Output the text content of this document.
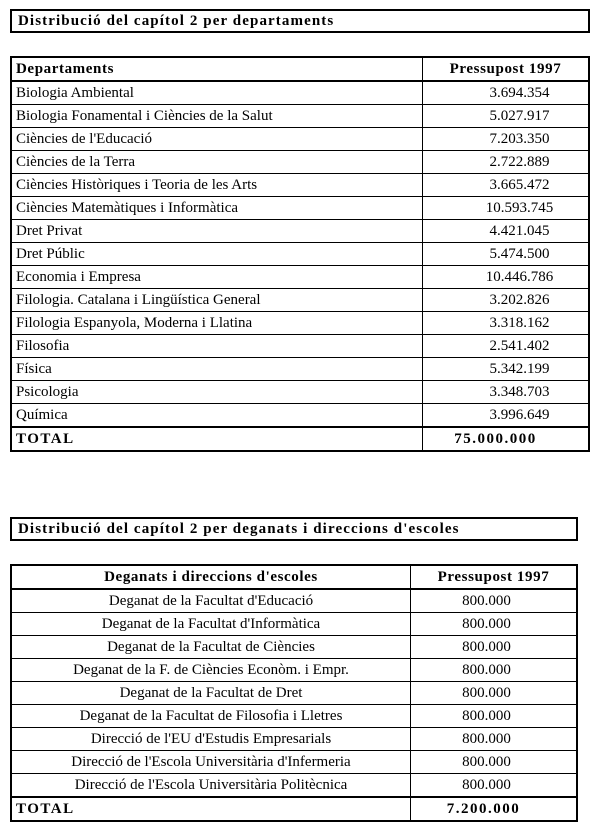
Distribució del capítol 2 per departaments
Departaments	Pressupost 1997
Biologia Ambiental	3.694.354
Biologia Fonamental i Ciències de la Salut	5.027.917
Ciències de l'Educació	7.203.350
Ciències de la Terra	2.722.889
Ciències Històriques i Teoria de les Arts	3.665.472
Ciències Matemàtiques i Informàtica	10.593.745
Dret Privat	4.421.045
Dret Públic	5.474.500
Economia i Empresa	10.446.786
Filologia. Catalana i Lingüística General	3.202.826
Filologia Espanyola, Moderna i Llatina	3.318.162
Filosofia	2.541.402
Física	5.342.199
Psicologia	3.348.703
Química	3.996.649
TOTAL	75.000.000
Distribució del capítol 2 per deganats i direccions d'escoles
Deganats i direccions d'escoles	Pressupost 1997
Deganat de la Facultat d'Educació	800.000
Deganat de la Facultat d'Informàtica	800.000
Deganat de la Facultat de Ciències	800.000
Deganat de la F. de Ciències Econòm. i Empr.	800.000
Deganat de la Facultat de Dret	800.000
Deganat de la Facultat de Filosofia i Lletres	800.000
Direcció de l'EU d'Estudis Empresarials	800.000
Direcció de l'Escola Universitària d'Infermeria	800.000
Direcció de l'Escola Universitària Politècnica	800.000
TOTAL	7.200.000
